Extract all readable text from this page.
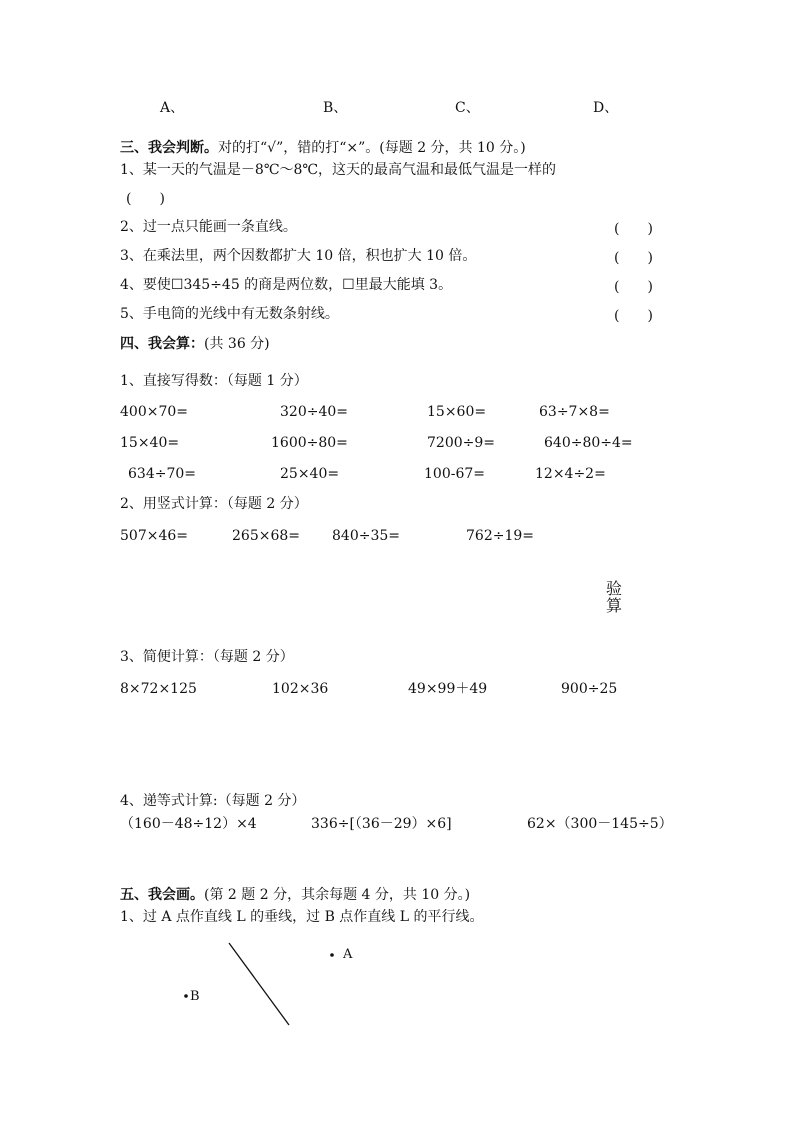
A、	B、	C、	D、
三、我会判断。对的打“√”，错的打“×”。(每题 2 分，共 10 分。)
1、某一天的气温是－8℃～8℃，这天的最高气温和最低气温是一样的
(　　)
2、过一点只能画一条直线。	(　　)
3、在乘法里，两个因数都扩大 10 倍，积也扩大 10 倍。	(　　)
4、要使☐345÷45 的商是两位数，☐里最大能填 3。	(　　)
5、手电筒的光线中有无数条射线。	(　　)
四、我会算：(共 36 分)
1、直接写得数：（每题 1 分）
400×70=	320÷40=	15×60=	63÷7×8=
15×40=	1600÷80=	7200÷9=	640÷80÷4=
634÷70=	25×40=	100-67=	12×4÷2=
2、用竖式计算：（每题 2 分）
507×46=	265×68= 840÷35=	762÷19=
验
算
3、简便计算：（每题 2 分）
8×72×125	102×36	49×99＋49	900÷25
4、递等式计算:（每题 2 分）
（160－48÷12）×4	336÷[（36－29）×6]	62×（300－145÷5）
五、我会画。(第 2 题 2 分，其余每题 4 分，共 10 分。)
1、过 A 点作直线 L 的垂线，过 B 点作直线 L 的平行线。
A
B
